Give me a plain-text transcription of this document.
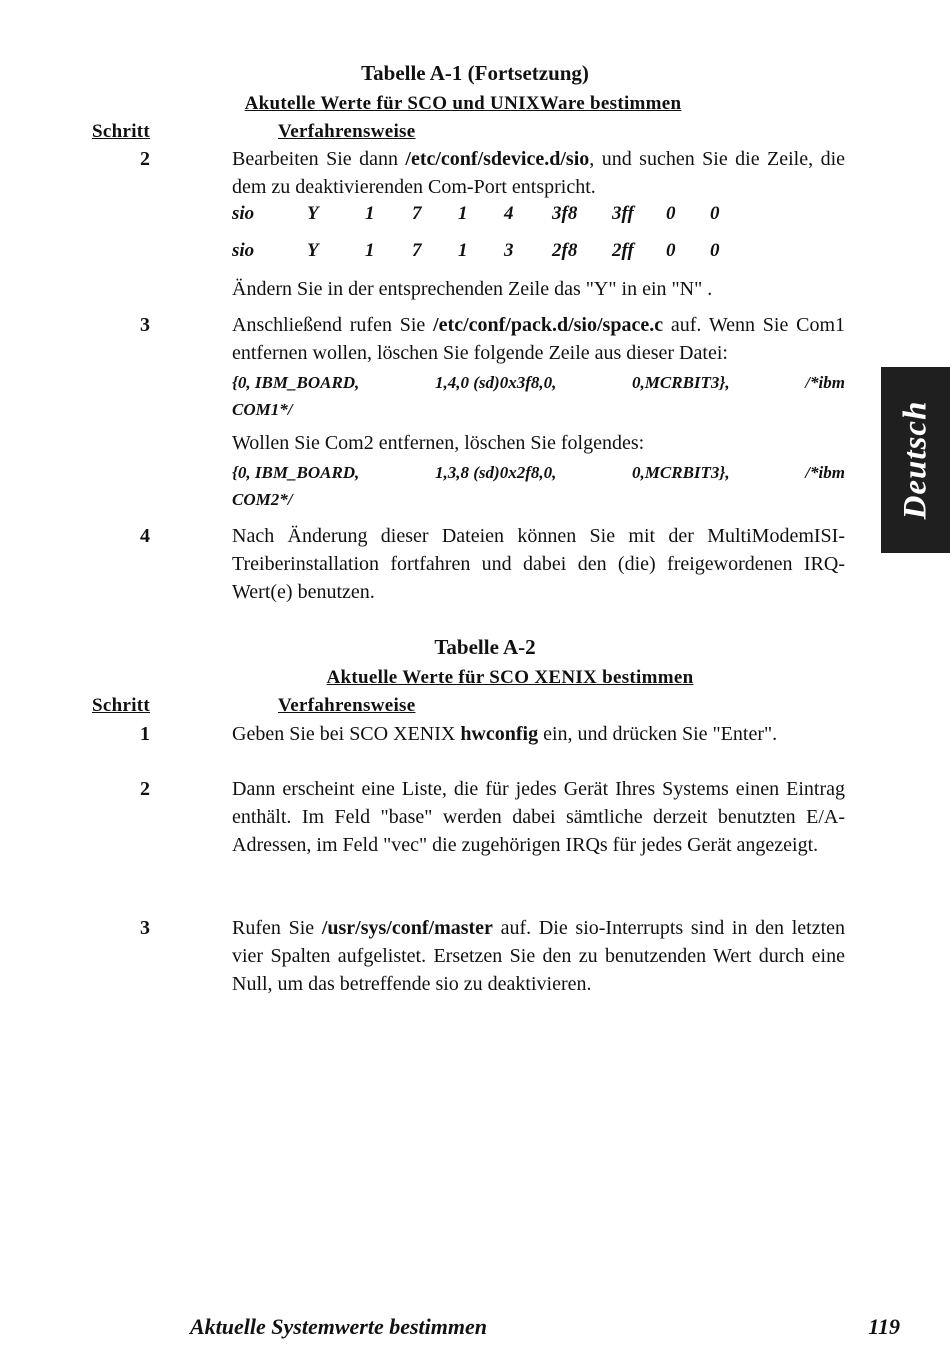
Deutsch
Tabelle A-1 (Fortsetzung)
Akutelle Werte für SCO und UNIXWare bestimmen
Schritt	Verfahrensweise
2	Bearbeiten Sie dann /etc/conf/sdevice.d/sio, und suchen Sie die Zeile, die dem zu deaktivierenden Com-Port entspricht.
sio	Y 1 7 1 4 3f8 3ff 0 0
sio	Y 1 7 1 3 2f8 2ff 0 0
Ändern Sie in der entsprechenden Zeile das "Y" in ein "N" .
3	Anschließend rufen Sie /etc/conf/pack.d/sio/space.c auf. Wenn Sie Com1 entfernen wollen, löschen Sie folgende Zeile aus dieser Datei:
{0, IBM_BOARD,	1,4,0 (sd)0x3f8,0,	0,MCRBIT3},	/*ibm
COM1*/
Wollen Sie Com2 entfernen, löschen Sie folgendes:
{0, IBM_BOARD,	1,3,8 (sd)0x2f8,0,	0,MCRBIT3},	/*ibm
COM2*/
4	Nach Änderung dieser Dateien können Sie mit der MultiModemISI-Treiberinstallation fortfahren und dabei den (die) freigewordenen IRQ-Wert(e) benutzen.
Tabelle A-2
Aktuelle Werte für SCO XENIX bestimmen
Schritt	Verfahrensweise
1	Geben Sie bei SCO XENIX hwconfig ein, und drücken Sie "Enter".
2	Dann erscheint eine Liste, die für jedes Gerät Ihres Systems einen Eintrag enthält. Im Feld "base" werden dabei sämtliche derzeit benutzten E/A-Adressen, im Feld "vec" die zugehörigen IRQs für jedes Gerät angezeigt.
3	Rufen Sie /usr/sys/conf/master auf. Die sio-Interrupts sind in den letzten vier Spalten aufgelistet. Ersetzen Sie den zu benutzenden Wert durch eine Null, um das betreffende sio zu deaktivieren.
Aktuelle Systemwerte bestimmen	119
